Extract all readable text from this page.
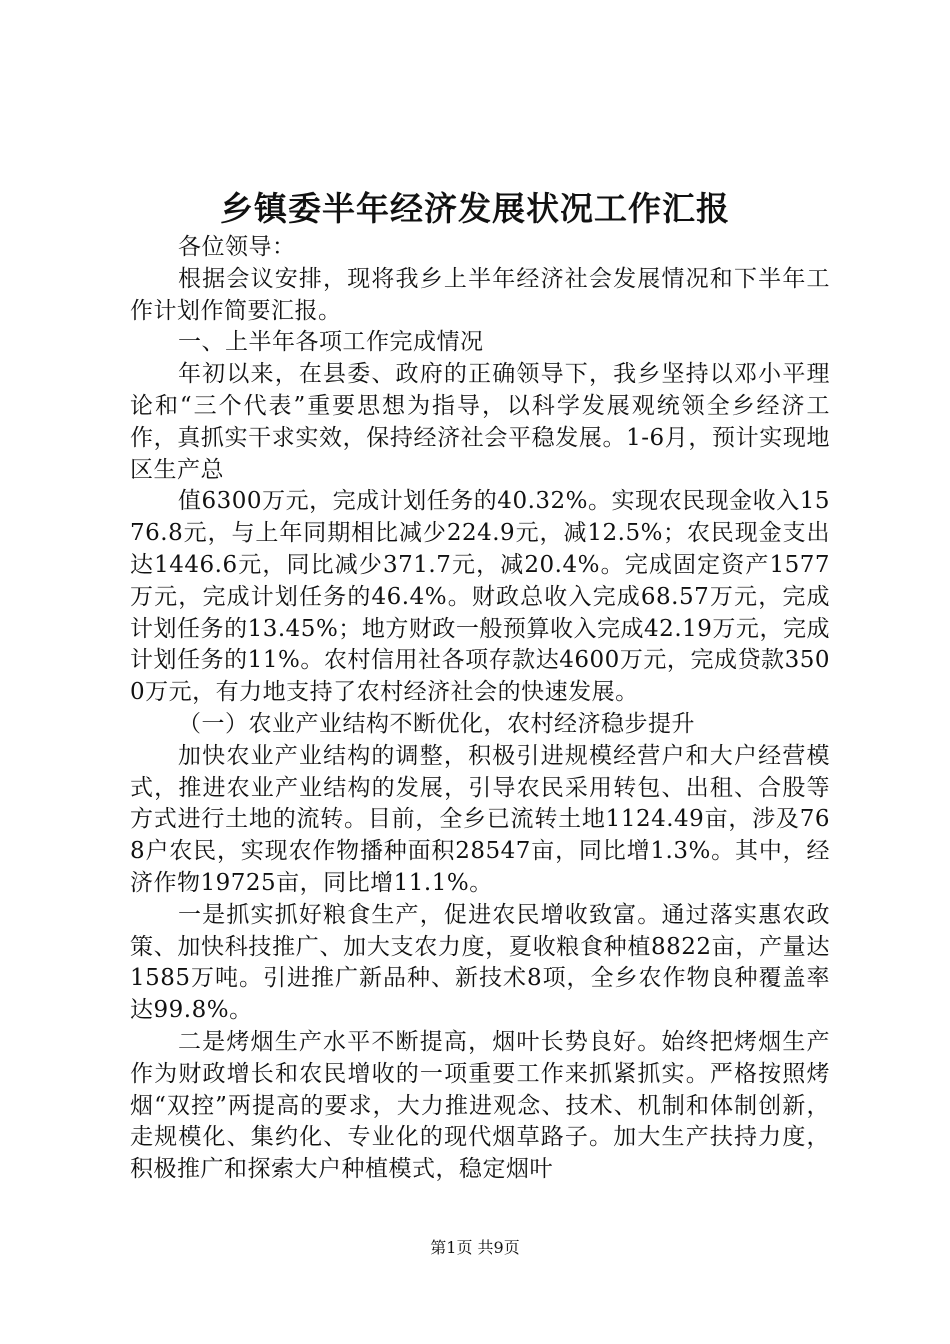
乡镇委半年经济发展状况工作汇报

各位领导：

根据会议安排，现将我乡上半年经济社会发展情况和下半年工作计划作简要汇报。

一、上半年各项工作完成情况

年初以来，在县委、政府的正确领导下，我乡坚持以邓小平理论和“三个代表”重要思想为指导，以科学发展观统领全乡经济工作，真抓实干求实效，保持经济社会平稳发展。1-6月，预计实现地区生产总

值6300万元，完成计划任务的40.32%。实现农民现金收入1576.8元，与上年同期相比减少224.9元，减12.5%；农民现金支出达1446.6元，同比减少371.7元，减20.4%。完成固定资产1577万元，完成计划任务的46.4%。财政总收入完成68.57万元，完成计划任务的13.45%；地方财政一般预算收入完成42.19万元，完成计划任务的11%。农村信用社各项存款达4600万元，完成贷款3500万元，有力地支持了农村经济社会的快速发展。

（一）农业产业结构不断优化，农村经济稳步提升

加快农业产业结构的调整，积极引进规模经营户和大户经营模式，推进农业产业结构的发展，引导农民采用转包、出租、合股等方式进行土地的流转。目前，全乡已流转土地1124.49亩，涉及768户农民，实现农作物播种面积28547亩，同比增1.3%。其中，经济作物19725亩，同比增11.1%。

一是抓实抓好粮食生产，促进农民增收致富。通过落实惠农政策、加快科技推广、加大支农力度，夏收粮食种植8822亩，产量达1585万吨。引进推广新品种、新技术8项，全乡农作物良种覆盖率达99.8%。

二是烤烟生产水平不断提高，烟叶长势良好。始终把烤烟生产作为财政增长和农民增收的一项重要工作来抓紧抓实。严格按照烤烟“双控”两提高的要求，大力推进观念、技术、机制和体制创新，走规模化、集约化、专业化的现代烟草路子。加大生产扶持力度，积极推广和探索大户种植模式，稳定烟叶

第1页 共9页
